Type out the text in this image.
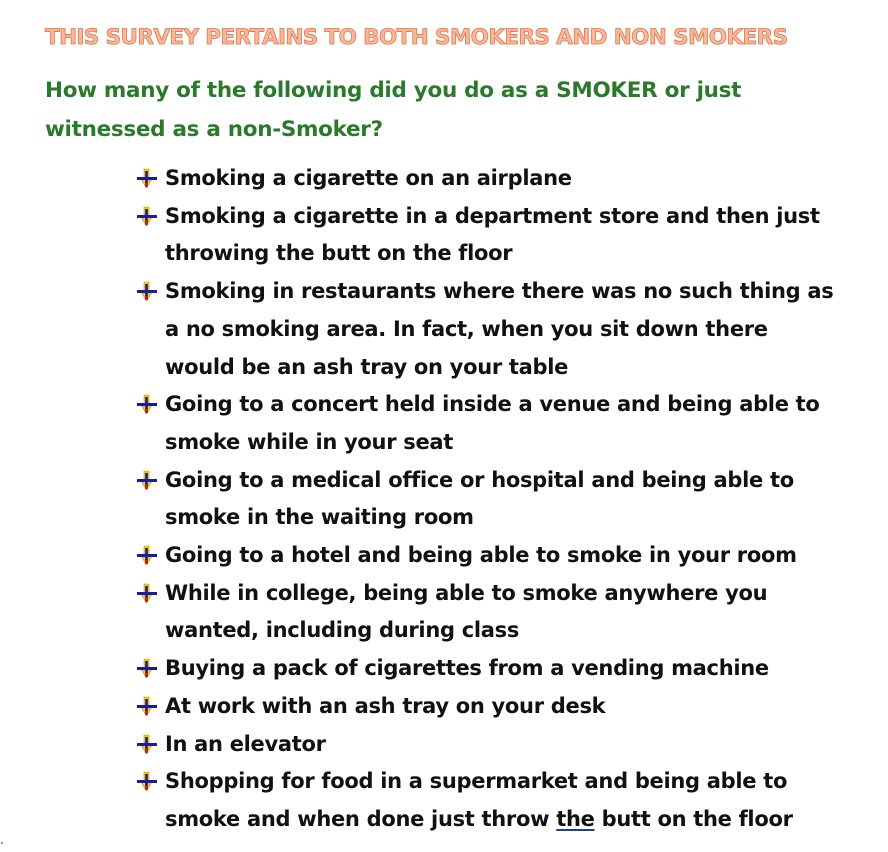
THIS SURVEY PERTAINS TO BOTH SMOKERS AND NON SMOKERS

How many of the following did you do as a SMOKER or just witnessed as a non-Smoker?

Smoking a cigarette on an airplane
Smoking a cigarette in a department store and then just throwing the butt on the floor
Smoking in restaurants where there was no such thing as a no smoking area. In fact, when you sit down there would be an ash tray on your table
Going to a concert held inside a venue and being able to smoke while in your seat
Going to a medical office or hospital and being able to smoke in the waiting room
Going to a hotel and being able to smoke in your room
While in college, being able to smoke anywhere you wanted, including during class
Buying a pack of cigarettes from a vending machine
At work with an ash tray on your desk
In an elevator
Shopping for food in a supermarket and being able to smoke and when done just throw the butt on the floor
˚
